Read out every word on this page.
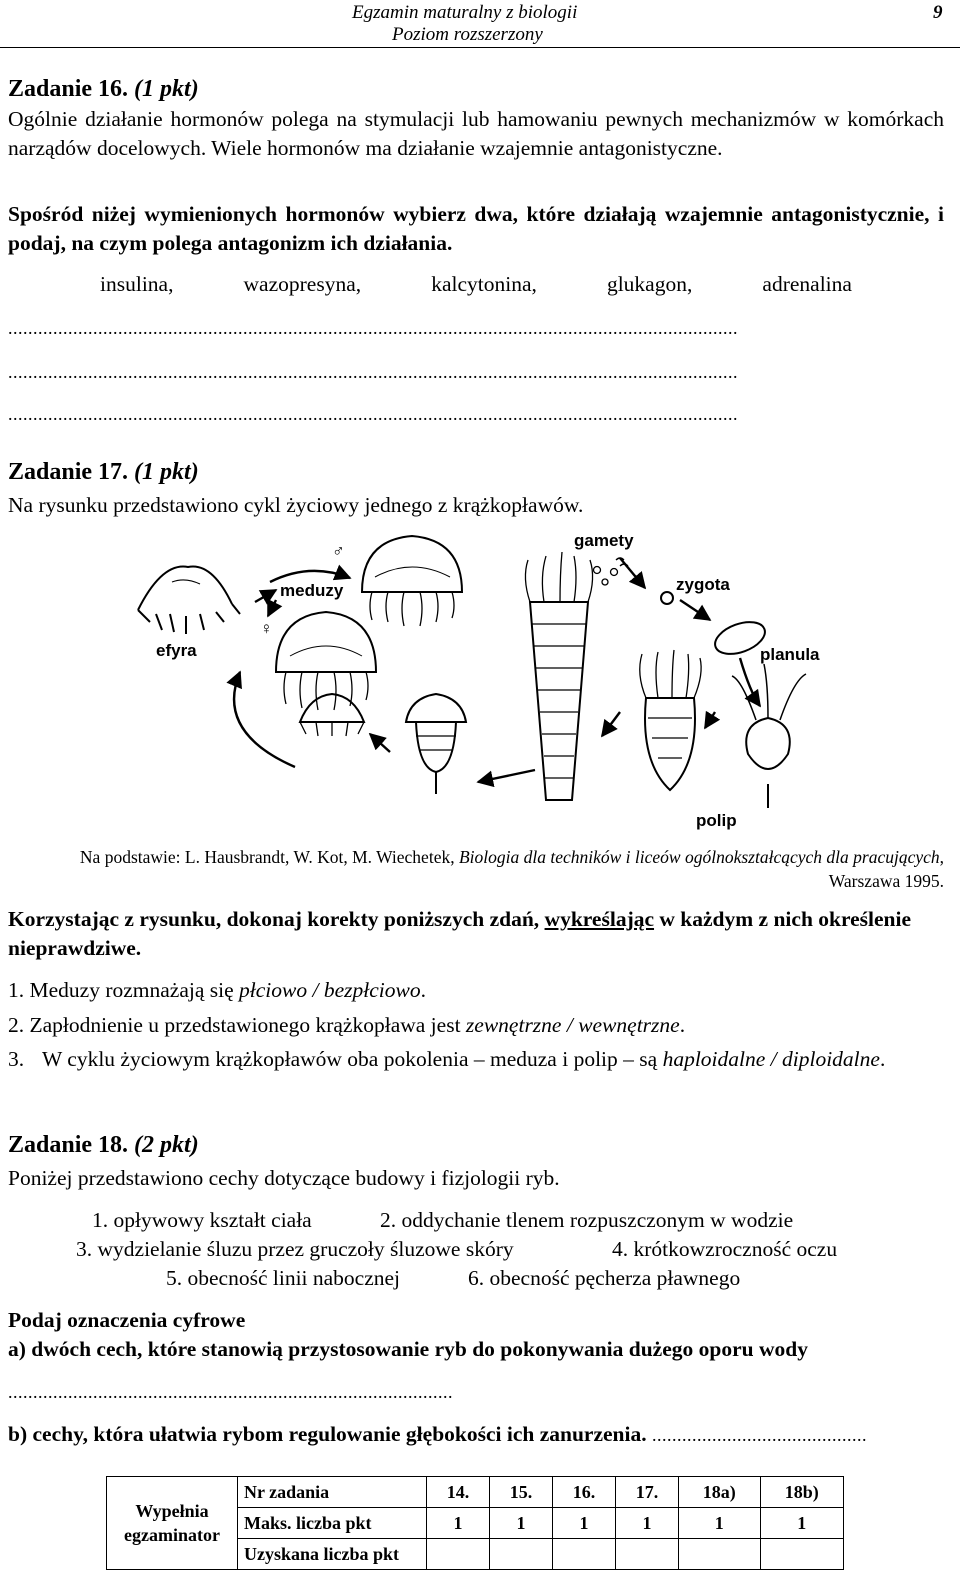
Egzamin maturalny z biologii
Poziom rozszerzony
9
Zadanie 16. (1 pkt)
Ogólnie działanie hormonów polega na stymulacji lub hamowaniu pewnych mechanizmów w komórkach narządów docelowych. Wiele hormonów ma działanie wzajemnie antagonistyczne.
Spośród niżej wymienionych hormonów wybierz dwa, które działają wzajemnie antagonistycznie, i podaj, na czym polega antagonizm ich działania.
insulina,	wazopresyna,	kalcytonina,	glukagon,	adrenalina
..................................................................................................................................................
..................................................................................................................................................
..................................................................................................................................................
Zadanie 17. (1 pkt)
Na rysunku przedstawiono cykl życiowy jednego z krążkopławów.
♂
♀
gamety
zygota
meduzy
efyra	planula
polip
Na podstawie: L. Hausbrandt, W. Kot, M. Wiechetek, Biologia dla techników i liceów ogólnokształcących dla pracujących, Warszawa 1995.
Korzystając z rysunku, dokonaj korekty poniższych zdań, wykreślając w każdym z nich określenie nieprawdziwe.
1. Meduzy rozmnażają się płciowo / bezpłciowo.
2. Zapłodnienie u przedstawionego krążkopława jest zewnętrzne / wewnętrzne.
3. W cyklu życiowym krążkopławów oba pokolenia – meduza i polip – są haploidalne / diploidalne.
Zadanie 18. (2 pkt)
Poniżej przedstawiono cechy dotyczące budowy i fizjologii ryb.
1. opływowy kształt ciała	2. oddychanie tlenem rozpuszczonym w wodzie
3. wydzielanie śluzu przez gruczoły śluzowe skóry	4. krótkowzroczność oczu
5. obecność linii nabocznej	6. obecność pęcherza pławnego
Podaj oznaczenia cyfrowe
a) dwóch cech, które stanowią przystosowanie ryb do pokonywania dużego oporu wody
.........................................................................................
b) cechy, która ułatwia rybom regulowanie głębokości ich zanurzenia. ...........................................
Wypełnia egzaminator	Nr zadania	14.	15.	16.	17.	18a)	18b)
	Maks. liczba pkt	1	1	1	1	1	1
	Uzyskana liczba pkt						
